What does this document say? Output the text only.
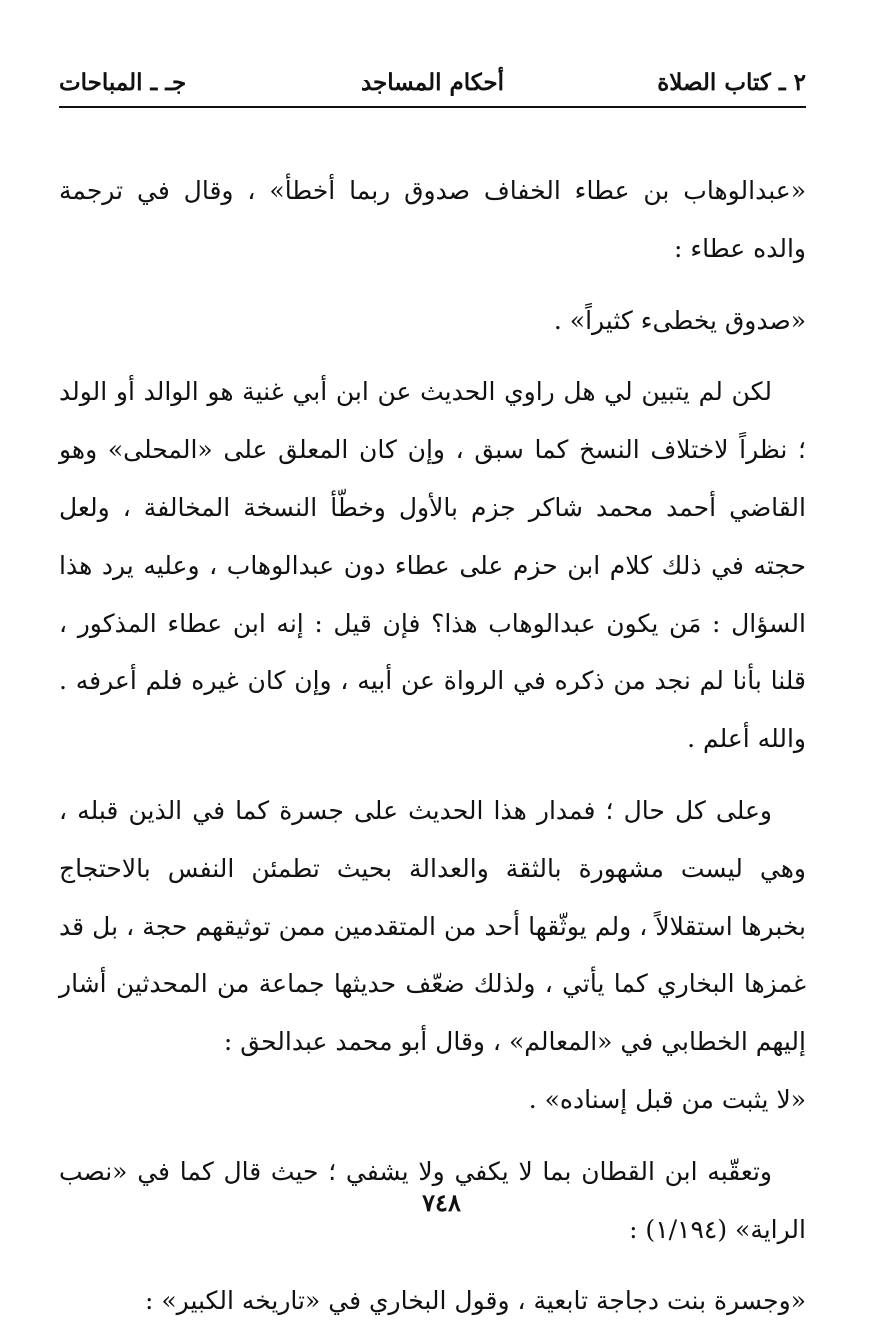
٢ ـ كتاب الصلاة
أحكام المساجد
جـ ـ المباحات

«عبدالوهاب بن عطاء الخفاف صدوق ربما أخطأ» ، وقال في ترجمة والده عطاء :

«صدوق يخطىء كثيراً» .

لكن لم يتبين لي هل راوي الحديث عن ابن أبي غنية هو الوالد أو الولد ؛ نظراً لاختلاف النسخ كما سبق ، وإن كان المعلق على «المحلى» وهو القاضي أحمد محمد شاكر جزم بالأول وخطّأ النسخة المخالفة ، ولعل حجته في ذلك كلام ابن حزم على عطاء دون عبدالوهاب ، وعليه يرد هذا السؤال : مَن يكون عبدالوهاب هذا؟ فإن قيل : إنه ابن عطاء المذكور ، قلنا بأنا لم نجد من ذكره في الرواة عن أبيه ، وإن كان غيره فلم أعرفه . والله أعلم .

وعلى كل حال ؛ فمدار هذا الحديث على جسرة كما في الذين قبله ، وهي ليست مشهورة بالثقة والعدالة بحيث تطمئن النفس بالاحتجاج بخبرها استقلالاً ، ولم يوثّقها أحد من المتقدمين ممن توثيقهم حجة ، بل قد غمزها البخاري كما يأتي ، ولذلك ضعّف حديثها جماعة من المحدثين أشار إليهم الخطابي في «المعالم» ، وقال أبو محمد عبدالحق :

«لا يثبت من قبل إسناده» .

وتعقّبه ابن القطان بما لا يكفي ولا يشفي ؛ حيث قال كما في «نصب الراية» (١/١٩٤) :

«وجسرة بنت دجاجة تابعية ، وقول البخاري في «تاريخه الكبير» :

٧٤٨
